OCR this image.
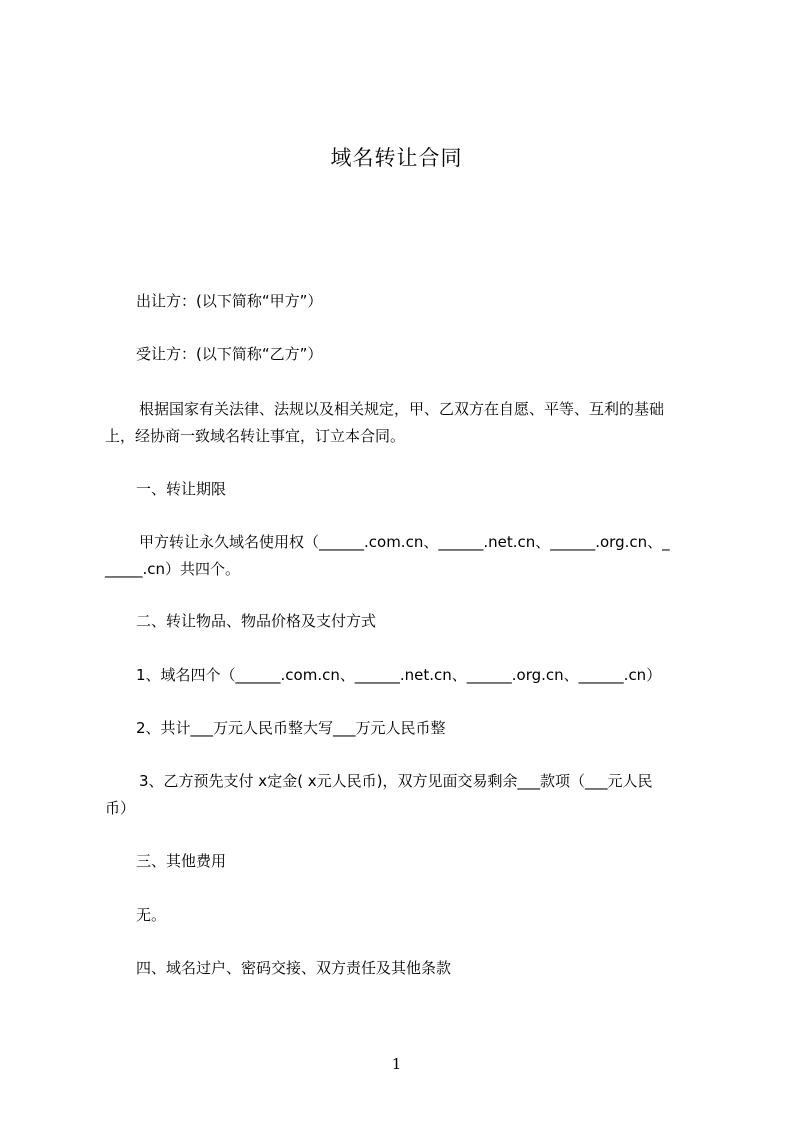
域名转让合同
出让方：(以下简称“甲方”）
受让方：(以下简称“乙方”）
根据国家有关法律、法规以及相关规定，甲、乙双方在自愿、平等、互利的基础
上，经协商一致域名转让事宜，订立本合同。
一、转让期限
甲方转让永久域名使用权（______.com.cn、______.net.cn、______.org.cn、_
_____.cn）共四个。
二、转让物品、物品价格及支付方式
1、域名四个（______.com.cn、______.net.cn、______.org.cn、______.cn）
2、共计___万元人民币整大写___万元人民币整
3、乙方预先支付 x定金( x元人民币)，双方见面交易剩余___款项（___元人民
币）
三、其他费用
无。
四、域名过户、密码交接、双方责任及其他条款
1
